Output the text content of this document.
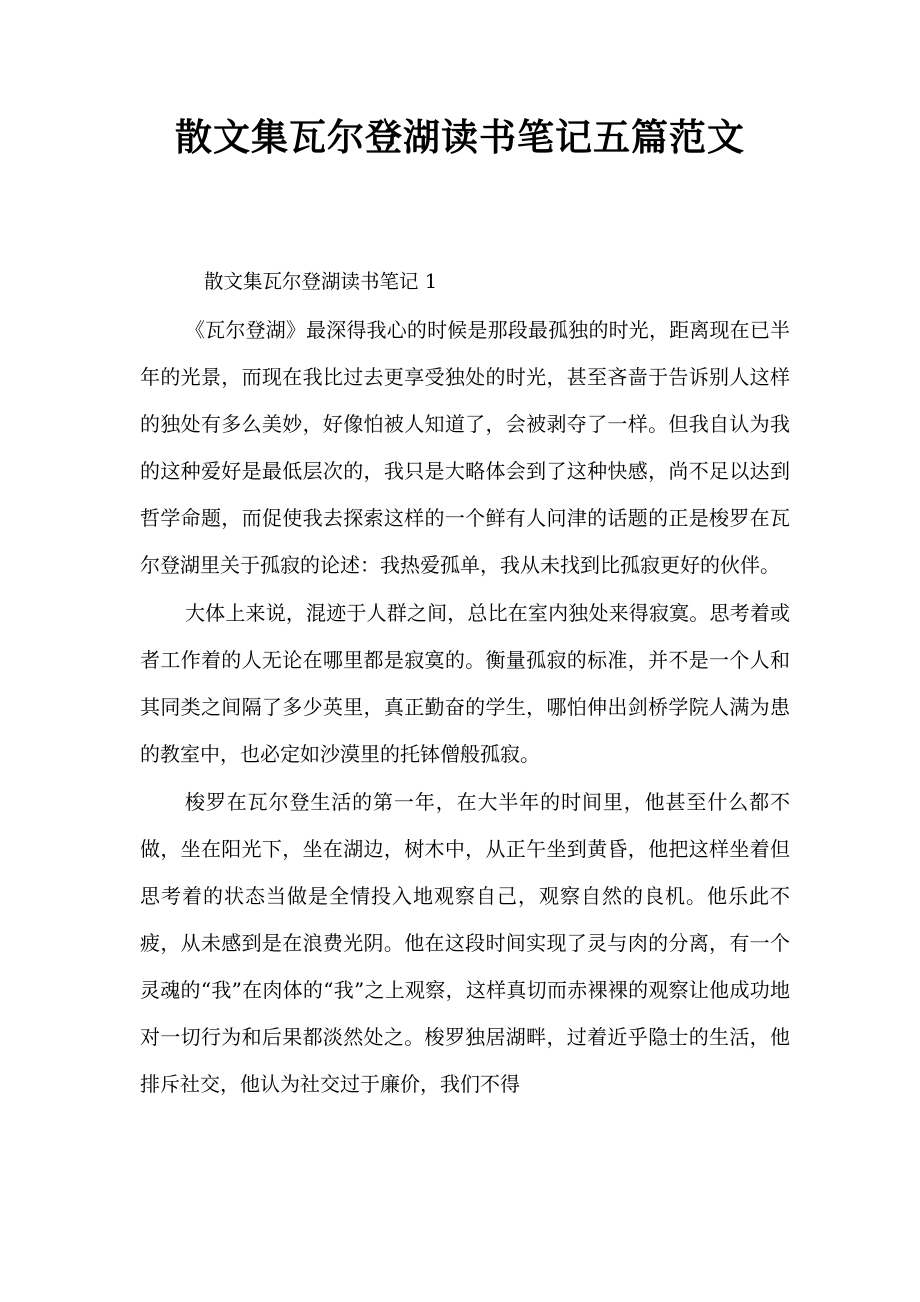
散文集瓦尔登湖读书笔记五篇范文

散文集瓦尔登湖读书笔记 1

《瓦尔登湖》最深得我心的时候是那段最孤独的时光，距离现在已半年的光景，而现在我比过去更享受独处的时光，甚至吝啬于告诉别人这样的独处有多么美妙，好像怕被人知道了，会被剥夺了一样。但我自认为我的这种爱好是最低层次的，我只是大略体会到了这种快感，尚不足以达到哲学命题，而促使我去探索这样的一个鲜有人问津的话题的正是梭罗在瓦尔登湖里关于孤寂的论述：我热爱孤单，我从未找到比孤寂更好的伙伴。

大体上来说，混迹于人群之间，总比在室内独处来得寂寞。思考着或者工作着的人无论在哪里都是寂寞的。衡量孤寂的标准，并不是一个人和其同类之间隔了多少英里，真正勤奋的学生，哪怕伸出剑桥学院人满为患的教室中，也必定如沙漠里的托钵僧般孤寂。

梭罗在瓦尔登生活的第一年，在大半年的时间里，他甚至什么都不做，坐在阳光下，坐在湖边，树木中，从正午坐到黄昏，他把这样坐着但思考着的状态当做是全情投入地观察自己，观察自然的良机。他乐此不疲，从未感到是在浪费光阴。他在这段时间实现了灵与肉的分离，有一个灵魂的“我”在肉体的“我”之上观察，这样真切而赤裸裸的观察让他成功地对一切行为和后果都淡然处之。梭罗独居湖畔，过着近乎隐士的生活，他排斥社交，他认为社交过于廉价，我们不得
